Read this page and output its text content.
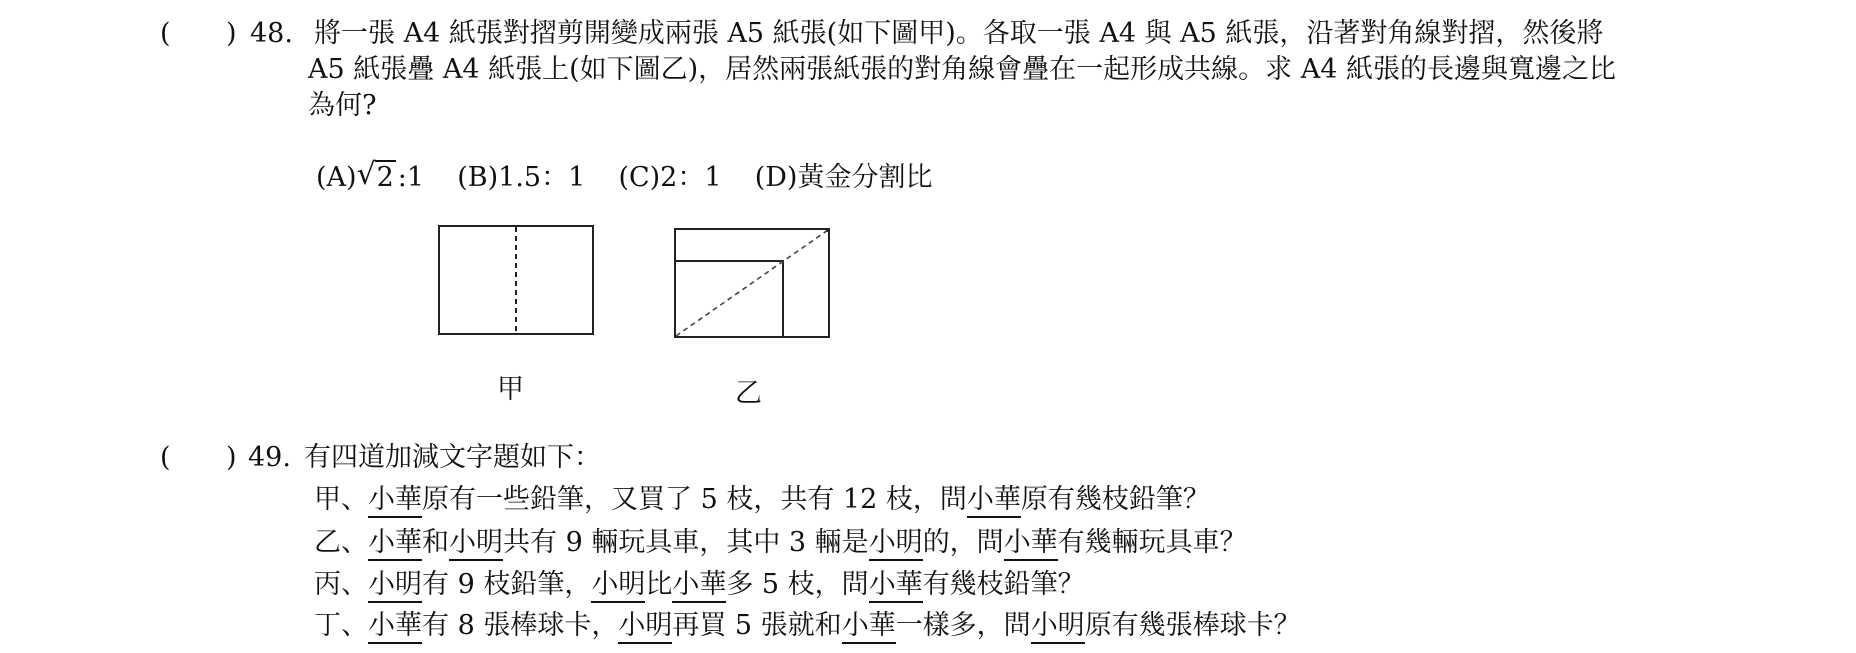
( ) 48. 將一張 A4 紙張對摺剪開變成兩張 A5 紙張(如下圖甲)。各取一張 A4 與 A5 紙張，沿著對角線對摺，然後將
A5 紙張疊 A4 紙張上(如下圖乙)，居然兩張紙張的對角線會疊在一起形成共線。求 A4 紙張的長邊與寬邊之比
為何?
(A) √ 2 :1 (B)1.5：1 (C)2：1 (D)黃金分割比
甲	乙
( ) 49. 有四道加減文字題如下：
甲、小華原有一些鉛筆，又買了 5 枝，共有 12 枝，問小華原有幾枝鉛筆？
乙、小華和小明共有 9 輛玩具車，其中 3 輛是小明的，問小華有幾輛玩具車？
丙、小明有 9 枝鉛筆，小明比小華多 5 枝，問小華有幾枝鉛筆？
丁、小華有 8 張棒球卡，小明再買 5 張就和小華一樣多，問小明原有幾張棒球卡？
